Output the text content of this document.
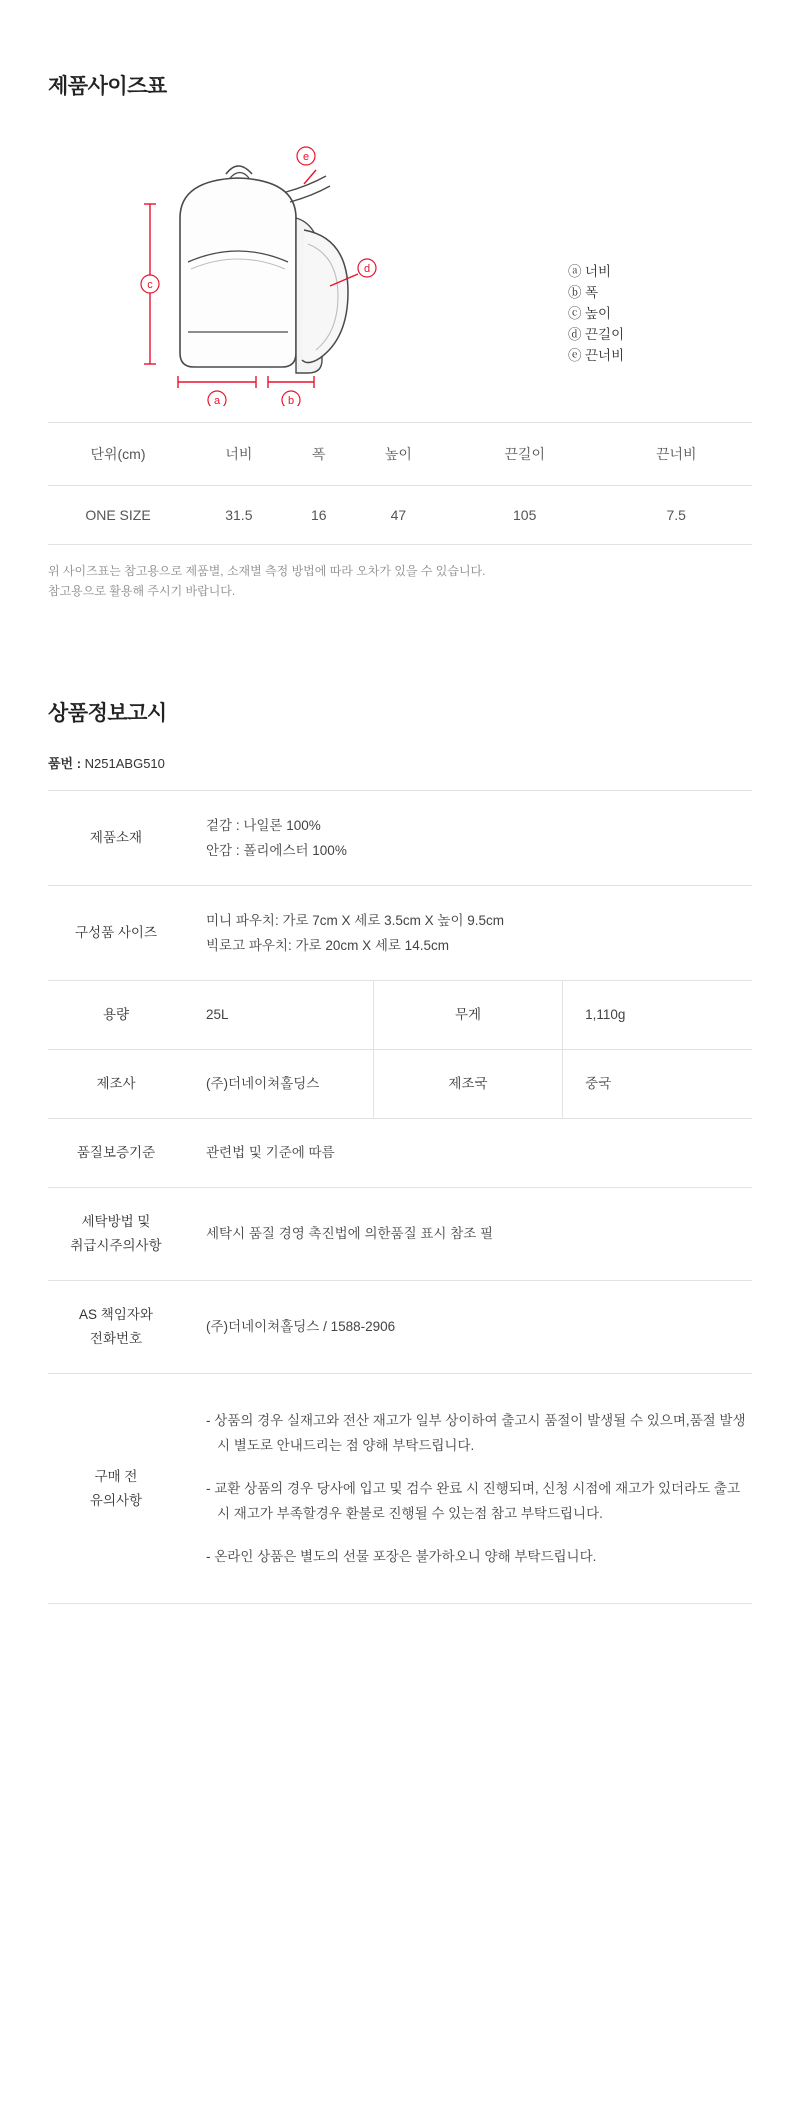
제품사이즈표
c
a	b
d
e
ⓐ 너비
ⓑ 폭
ⓒ 높이
ⓓ 끈길이
ⓔ 끈너비
단위(cm)	너비	폭	높이	끈길이	끈너비
ONE SIZE	31.5	16	47	105	7.5
위 사이즈표는 참고용으로 제품별, 소재별 측정 방법에 따라 오차가 있을 수 있습니다.
참고용으로 활용해 주시기 바랍니다.
상품정보고시

품번 : N251ABG510

제품소재	겉감 : 나일론 100%
안감 : 폴리에스터 100%		

구성품 사이즈	미니 파우치: 가로 7cm X 세로 3.5cm X 높이 9.5cm
빅로고 파우치: 가로 20cm X 세로 14.5cm		

용량	25L	무게	1,110g
제조사	(주)더네이쳐홀딩스	제조국	중국
품질보증기준	관련법 및 기준에 따름		

세탁방법 및
취급시주의사항	세탁시 품질 경영 촉진법에 의한품질 표시 참조 필		

AS 책임자와
전화번호	(주)더네이쳐홀딩스 / 1588-2906		

구매 전
유의사항

- 상품의 경우 실재고와 전산 재고가 일부 상이하여 출고시 품절이 발생될 수 있으며,품절 발생 시 별도로 안내드리는 점 양해 부탁드립니다.

- 교환 상품의 경우 당사에 입고 및 검수 완료 시 진행되며, 신청 시점에 재고가 있더라도 출고 시 재고가 부족할경우 환불로 진행될 수 있는점 참고 부탁드립니다.

- 온라인 상품은 별도의 선물 포장은 불가하오니 양해 부탁드립니다.
